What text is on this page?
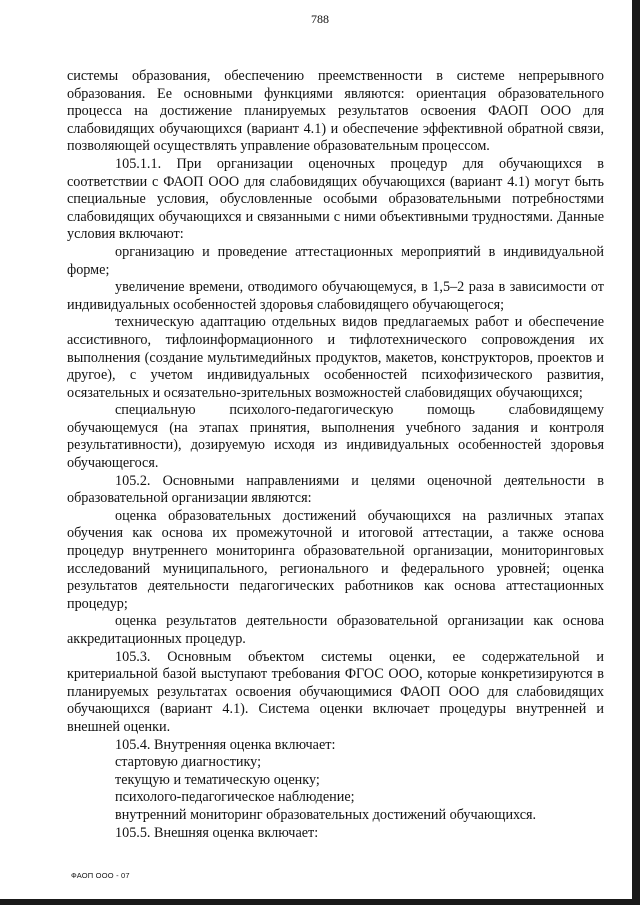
788

системы образования, обеспечению преемственности в системе непрерывного образования. Ее основными функциями являются: ориентация образовательного процесса на достижение планируемых результатов освоения ФАОП ООО для слабовидящих обучающихся (вариант 4.1) и обеспечение эффективной обратной связи, позволяющей осуществлять управление образовательным процессом.

105.1.1. При организации оценочных процедур для обучающихся в соответствии с ФАОП ООО для слабовидящих обучающихся (вариант 4.1) могут быть специальные условия, обусловленные особыми образовательными потребностями слабовидящих обучающихся и связанными с ними объективными трудностями. Данные условия включают:

организацию и проведение аттестационных мероприятий в индивидуальной форме;

увеличение времени, отводимого обучающемуся, в 1,5–2 раза в зависимости от индивидуальных особенностей здоровья слабовидящего обучающегося;

техническую адаптацию отдельных видов предлагаемых работ и обеспечение ассистивного, тифлоинформационного и тифлотехнического сопровождения их выполнения (создание мультимедийных продуктов, макетов, конструкторов, проектов и другое), с учетом индивидуальных особенностей психофизического развития, осязательных и осязательно-зрительных возможностей слабовидящих обучающихся;

специальную психолого-педагогическую помощь слабовидящему обучающемуся (на этапах принятия, выполнения учебного задания и контроля результативности), дозируемую исходя из индивидуальных особенностей здоровья обучающегося.

105.2. Основными направлениями и целями оценочной деятельности в образовательной организации являются:

оценка образовательных достижений обучающихся на различных этапах обучения как основа их промежуточной и итоговой аттестации, а также основа процедур внутреннего мониторинга образовательной организации, мониторинговых исследований муниципального, регионального и федерального уровней; оценка результатов деятельности педагогических работников как основа аттестационных процедур;

оценка результатов деятельности образовательной организации как основа аккредитационных процедур.

105.3. Основным объектом системы оценки, ее содержательной и критериальной базой выступают требования ФГОС ООО, которые конкретизируются в планируемых результатах освоения обучающимися ФАОП ООО для слабовидящих обучающихся (вариант 4.1). Система оценки включает процедуры внутренней и внешней оценки.

105.4. Внутренняя оценка включает:

стартовую диагностику;

текущую и тематическую оценку;

психолого-педагогическое наблюдение;

внутренний мониторинг образовательных достижений обучающихся.

105.5. Внешняя оценка включает:

ФАОП ООО - 07
